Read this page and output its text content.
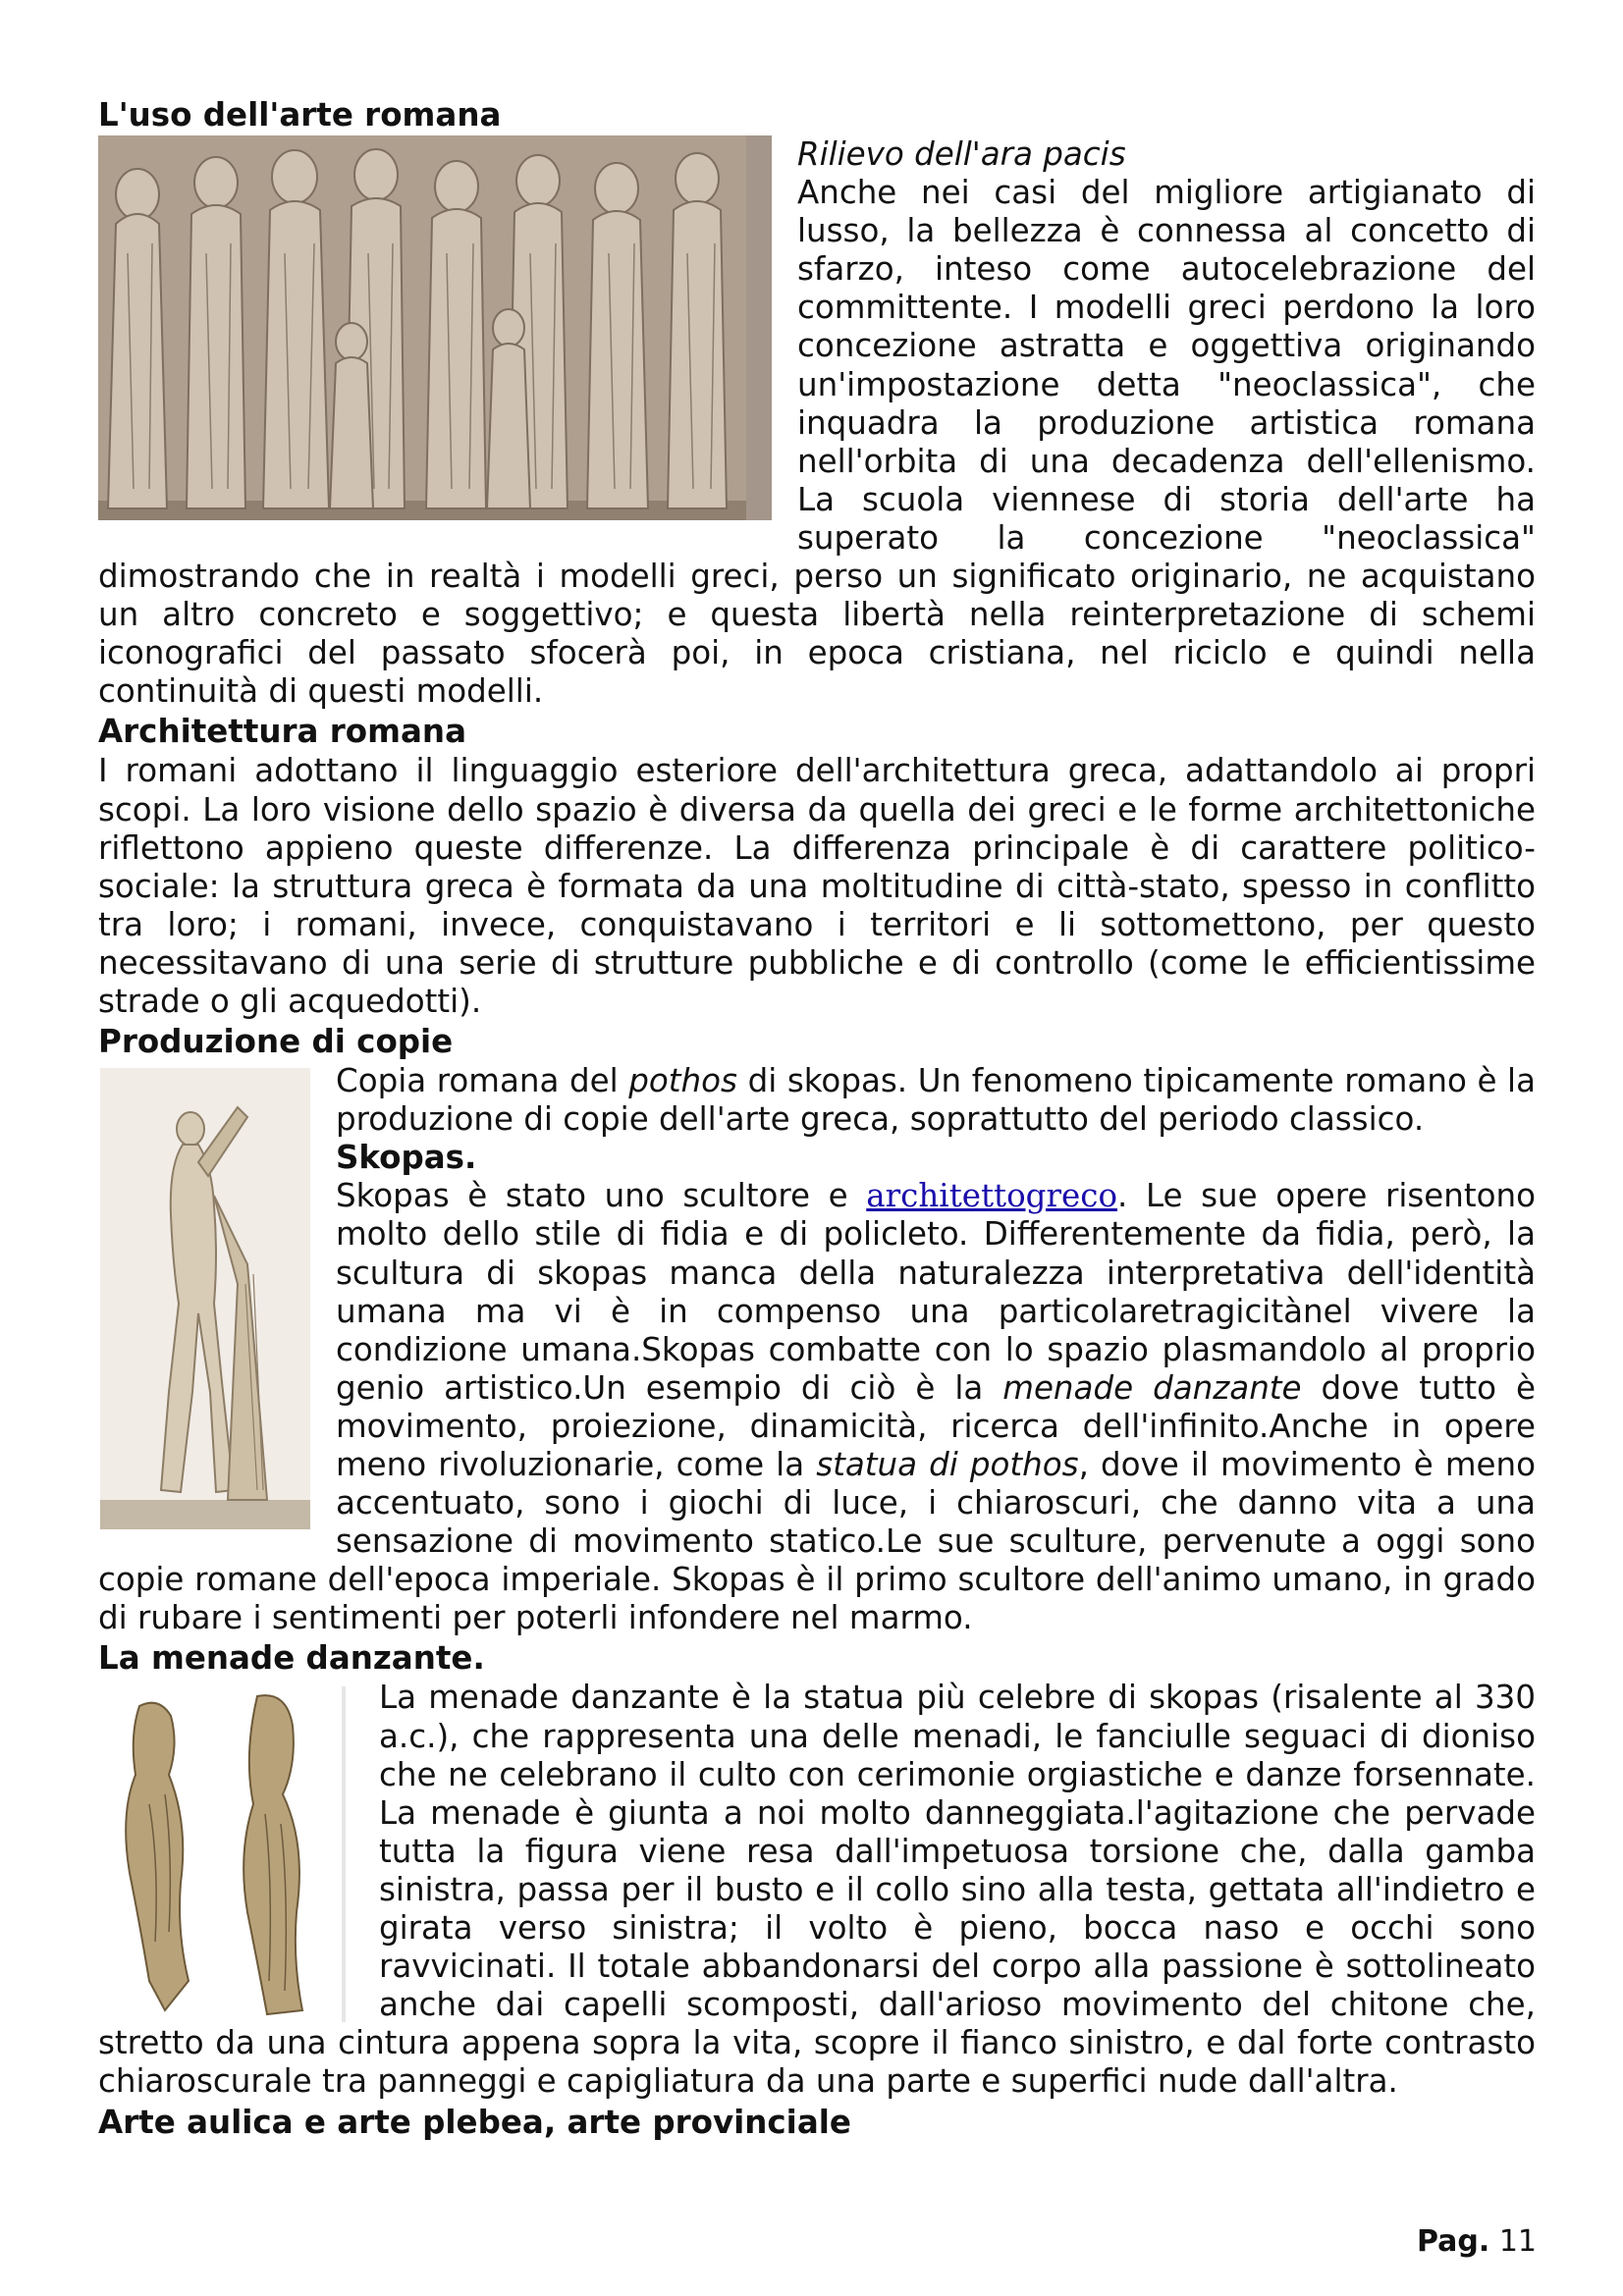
L'uso dell'arte romana

Rilievo dell'ara pacis

Anche nei casi del migliore artigianato di lusso, la bellezza è connessa al concetto di sfarzo, inteso come autocelebrazione del committente. I modelli greci perdono la loro concezione astratta e oggettiva originando un'impostazione detta "neoclassica", che inquadra la produzione artistica romana nell'orbita di una decadenza dell'ellenismo. La scuola viennese di storia dell'arte ha superato la concezione "neoclassica" dimostrando che in realtà i modelli greci, perso un significato originario, ne acquistano un altro concreto e soggettivo; e questa libertà nella reinterpretazione di schemi iconografici del passato sfocerà poi, in epoca cristiana, nel riciclo e quindi nella continuità di questi modelli.

Architettura romana

I romani adottano il linguaggio esteriore dell'architettura greca, adattandolo ai propri scopi. La loro visione dello spazio è diversa da quella dei greci e le forme architettoniche riflettono appieno queste differenze. La differenza principale è di carattere politico-sociale: la struttura greca è formata da una moltitudine di città-stato, spesso in conflitto tra loro; i romani, invece, conquistavano i territori e li sottomettono, per questo necessitavano di una serie di strutture pubbliche e di controllo (come le efficientissime strade o gli acquedotti).

Produzione di copie

Copia romana del pothos di skopas. Un fenomeno tipicamente romano è la produzione di copie dell'arte greca, soprattutto del periodo classico.

Skopas.

Skopas è stato uno scultore e architettogreco. Le sue opere risentono molto dello stile di fidia e di policleto. Differentemente da fidia, però, la scultura di skopas manca della naturalezza interpretativa dell'identità umana ma vi è in compenso una particolaretragicitànel vivere la condizione umana.Skopas combatte con lo spazio plasmandolo al proprio genio artistico.Un esempio di ciò è la menade danzante dove tutto è movimento, proiezione, dinamicità, ricerca dell'infinito.Anche in opere meno rivoluzionarie, come la statua di pothos, dove il movimento è meno accentuato, sono i giochi di luce, i chiaroscuri, che danno vita a una sensazione di movimento statico.Le sue sculture, pervenute a oggi sono copie romane dell'epoca imperiale. Skopas è il primo scultore dell'animo umano, in grado di rubare i sentimenti per poterli infondere nel marmo.

La menade danzante.

La menade danzante è la statua più celebre di skopas (risalente al 330 a.c.), che rappresenta una delle menadi, le fanciulle seguaci di dioniso che ne celebrano il culto con cerimonie orgiastiche e danze forsennate. La menade è giunta a noi molto danneggiata.l'agitazione che pervade tutta la figura viene resa dall'impetuosa torsione che, dalla gamba sinistra, passa per il busto e il collo sino alla testa, gettata all'indietro e girata verso sinistra; il volto è pieno, bocca naso e occhi sono ravvicinati. Il totale abbandonarsi del corpo alla passione è sottolineato anche dai capelli scomposti, dall'arioso movimento del chitone che, stretto da una cintura appena sopra la vita, scopre il fianco sinistro, e dal forte contrasto chiaroscurale tra panneggi e capigliatura da una parte e superfici nude dall'altra.

Arte aulica e arte plebea, arte provinciale
Pag. 11
